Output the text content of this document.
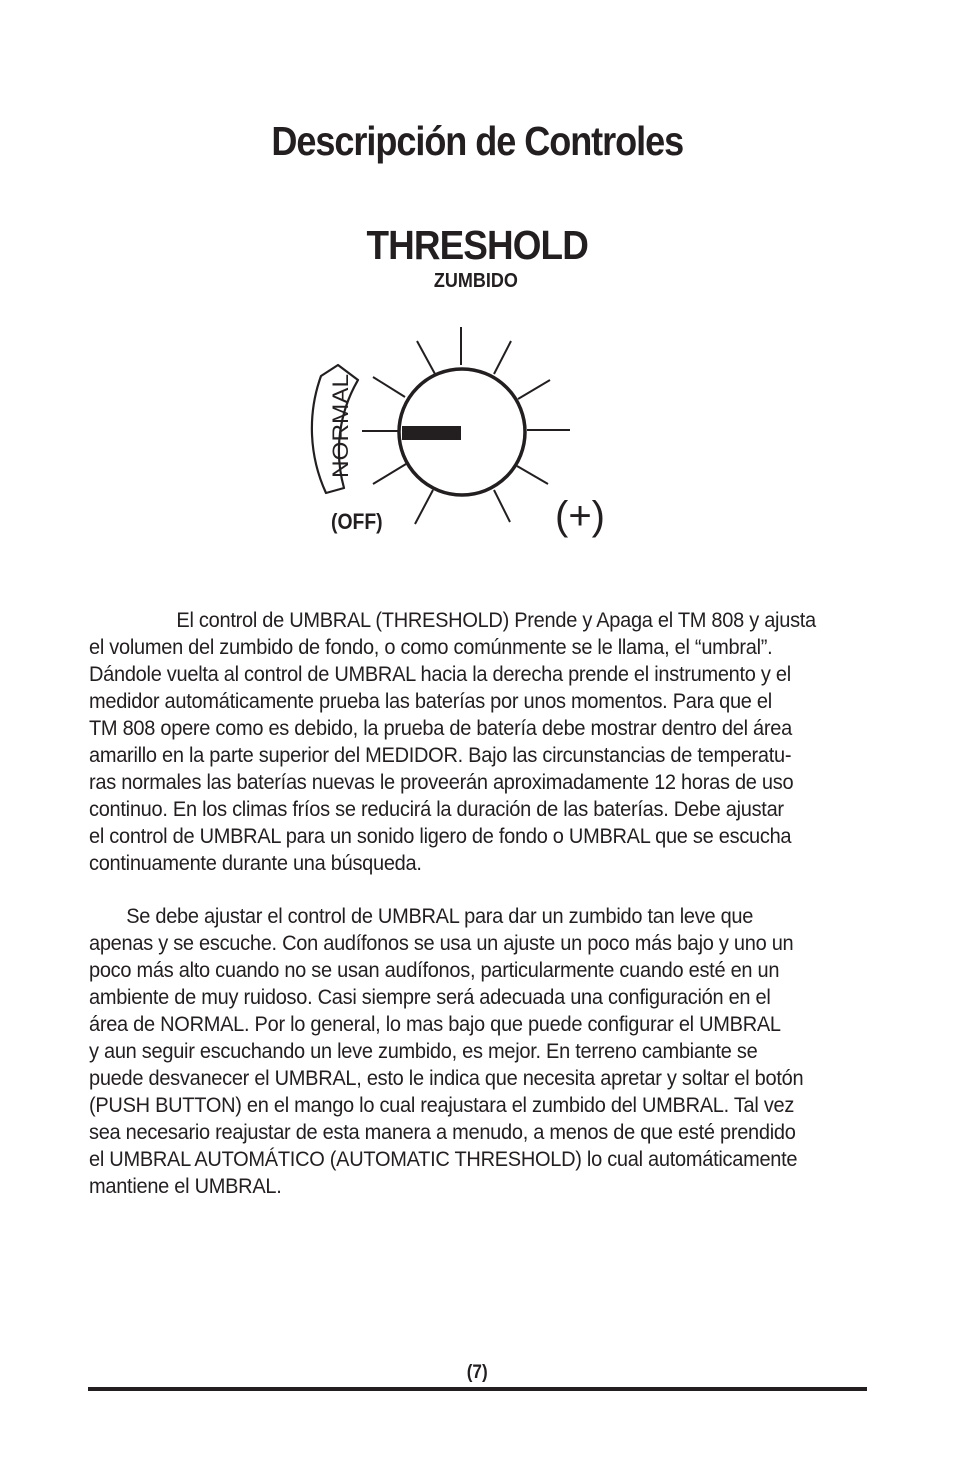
Descripción de Controles
THRESHOLD
ZUMBIDO
NORMAL
(OFF)	(+)
El control de UMBRAL (THRESHOLD) Prende y Apaga el TM 808 y ajusta
el volumen del zumbido de fondo, o como comúnmente se le llama, el “umbral”.
Dándole vuelta al control de UMBRAL hacia la derecha prende el instrumento y el
medidor automáticamente prueba las baterías por unos momentos. Para que el
TM 808 opere como es debido, la prueba de batería debe mostrar dentro del área
amarillo en la parte superior del MEDIDOR. Bajo las circunstancias de temperatu-
ras normales las baterías nuevas le proveerán aproximadamente 12 horas de uso
continuo. En los climas fríos se reducirá la duración de las baterías. Debe ajustar
el control de UMBRAL para un sonido ligero de fondo o UMBRAL que se escucha
continuamente durante una búsqueda.
Se debe ajustar el control de UMBRAL para dar un zumbido tan leve que
apenas y se escuche. Con audífonos se usa un ajuste un poco más bajo y uno un
poco más alto cuando no se usan audífonos, particularmente cuando esté en un
ambiente de muy ruidoso. Casi siempre será adecuada una configuración en el
área de NORMAL. Por lo general, lo mas bajo que puede configurar el UMBRAL
y aun seguir escuchando un leve zumbido, es mejor. En terreno cambiante se
puede desvanecer el UMBRAL, esto le indica que necesita apretar y soltar el botón
(PUSH BUTTON) en el mango lo cual reajustara el zumbido del UMBRAL. Tal vez
sea necesario reajustar de esta manera a menudo, a menos de que esté prendido
el UMBRAL AUTOMÁTICO (AUTOMATIC THRESHOLD) lo cual automáticamente
mantiene el UMBRAL.
(7)
